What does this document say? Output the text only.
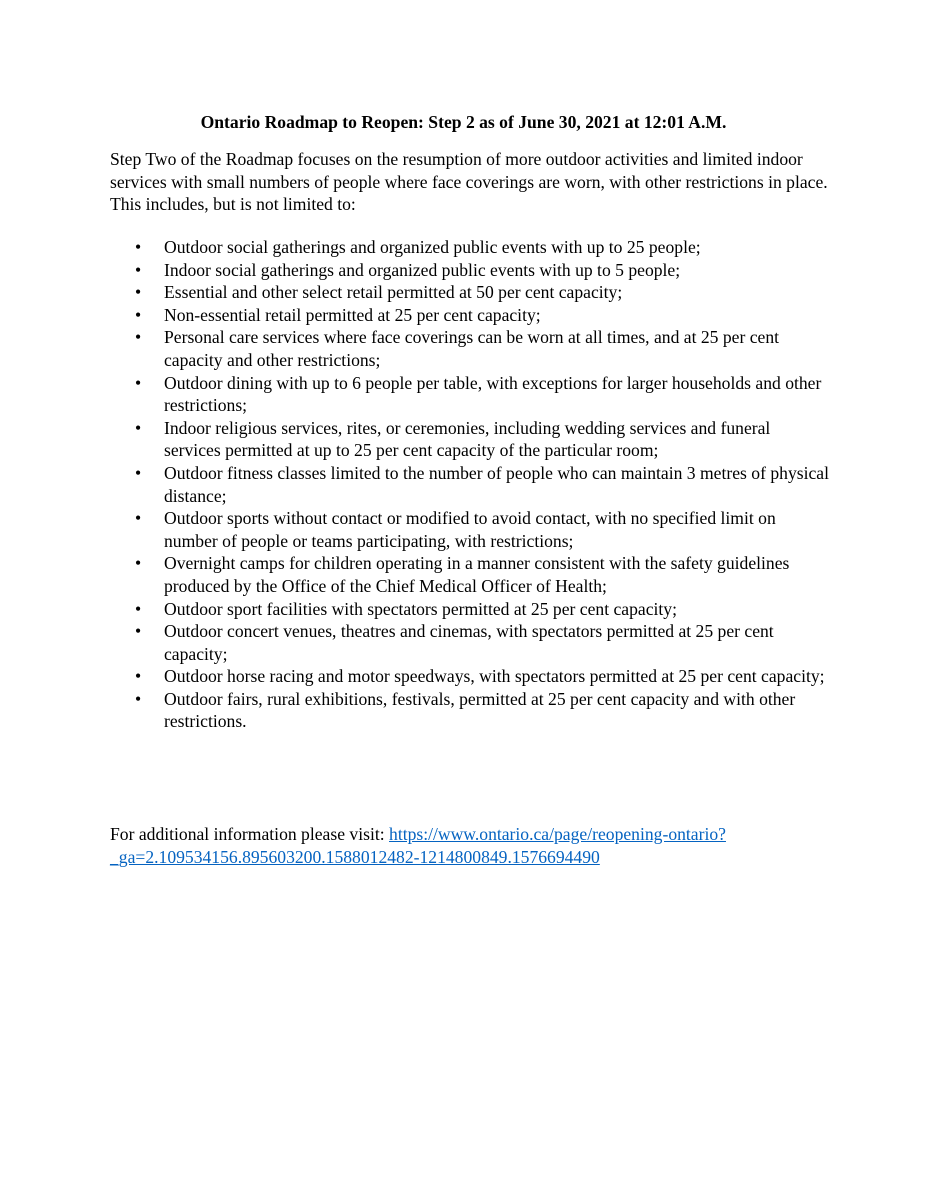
Ontario Roadmap to Reopen: Step 2 as of June 30, 2021 at 12:01 A.M.

Step Two of the Roadmap focuses on the resumption of more outdoor activities and limited indoor services with small numbers of people where face coverings are worn, with other restrictions in place. This includes, but is not limited to:

• Outdoor social gatherings and organized public events with up to 25 people;
• Indoor social gatherings and organized public events with up to 5 people;
• Essential and other select retail permitted at 50 per cent capacity;
• Non-essential retail permitted at 25 per cent capacity;
• Personal care services where face coverings can be worn at all times, and at 25 per cent capacity and other restrictions;
• Outdoor dining with up to 6 people per table, with exceptions for larger households and other restrictions;
• Indoor religious services, rites, or ceremonies, including wedding services and funeral services permitted at up to 25 per cent capacity of the particular room;
• Outdoor fitness classes limited to the number of people who can maintain 3 metres of physical distance;
• Outdoor sports without contact or modified to avoid contact, with no specified limit on number of people or teams participating, with restrictions;
• Overnight camps for children operating in a manner consistent with the safety guidelines produced by the Office of the Chief Medical Officer of Health;
• Outdoor sport facilities with spectators permitted at 25 per cent capacity;
• Outdoor concert venues, theatres and cinemas, with spectators permitted at 25 per cent capacity;
• Outdoor horse racing and motor speedways, with spectators permitted at 25 per cent capacity;
• Outdoor fairs, rural exhibitions, festivals, permitted at 25 per cent capacity and with other restrictions.

For additional information please visit: https://www.ontario.ca/page/reopening-ontario?_ga=2.109534156.895603200.1588012482-1214800849.1576694490
